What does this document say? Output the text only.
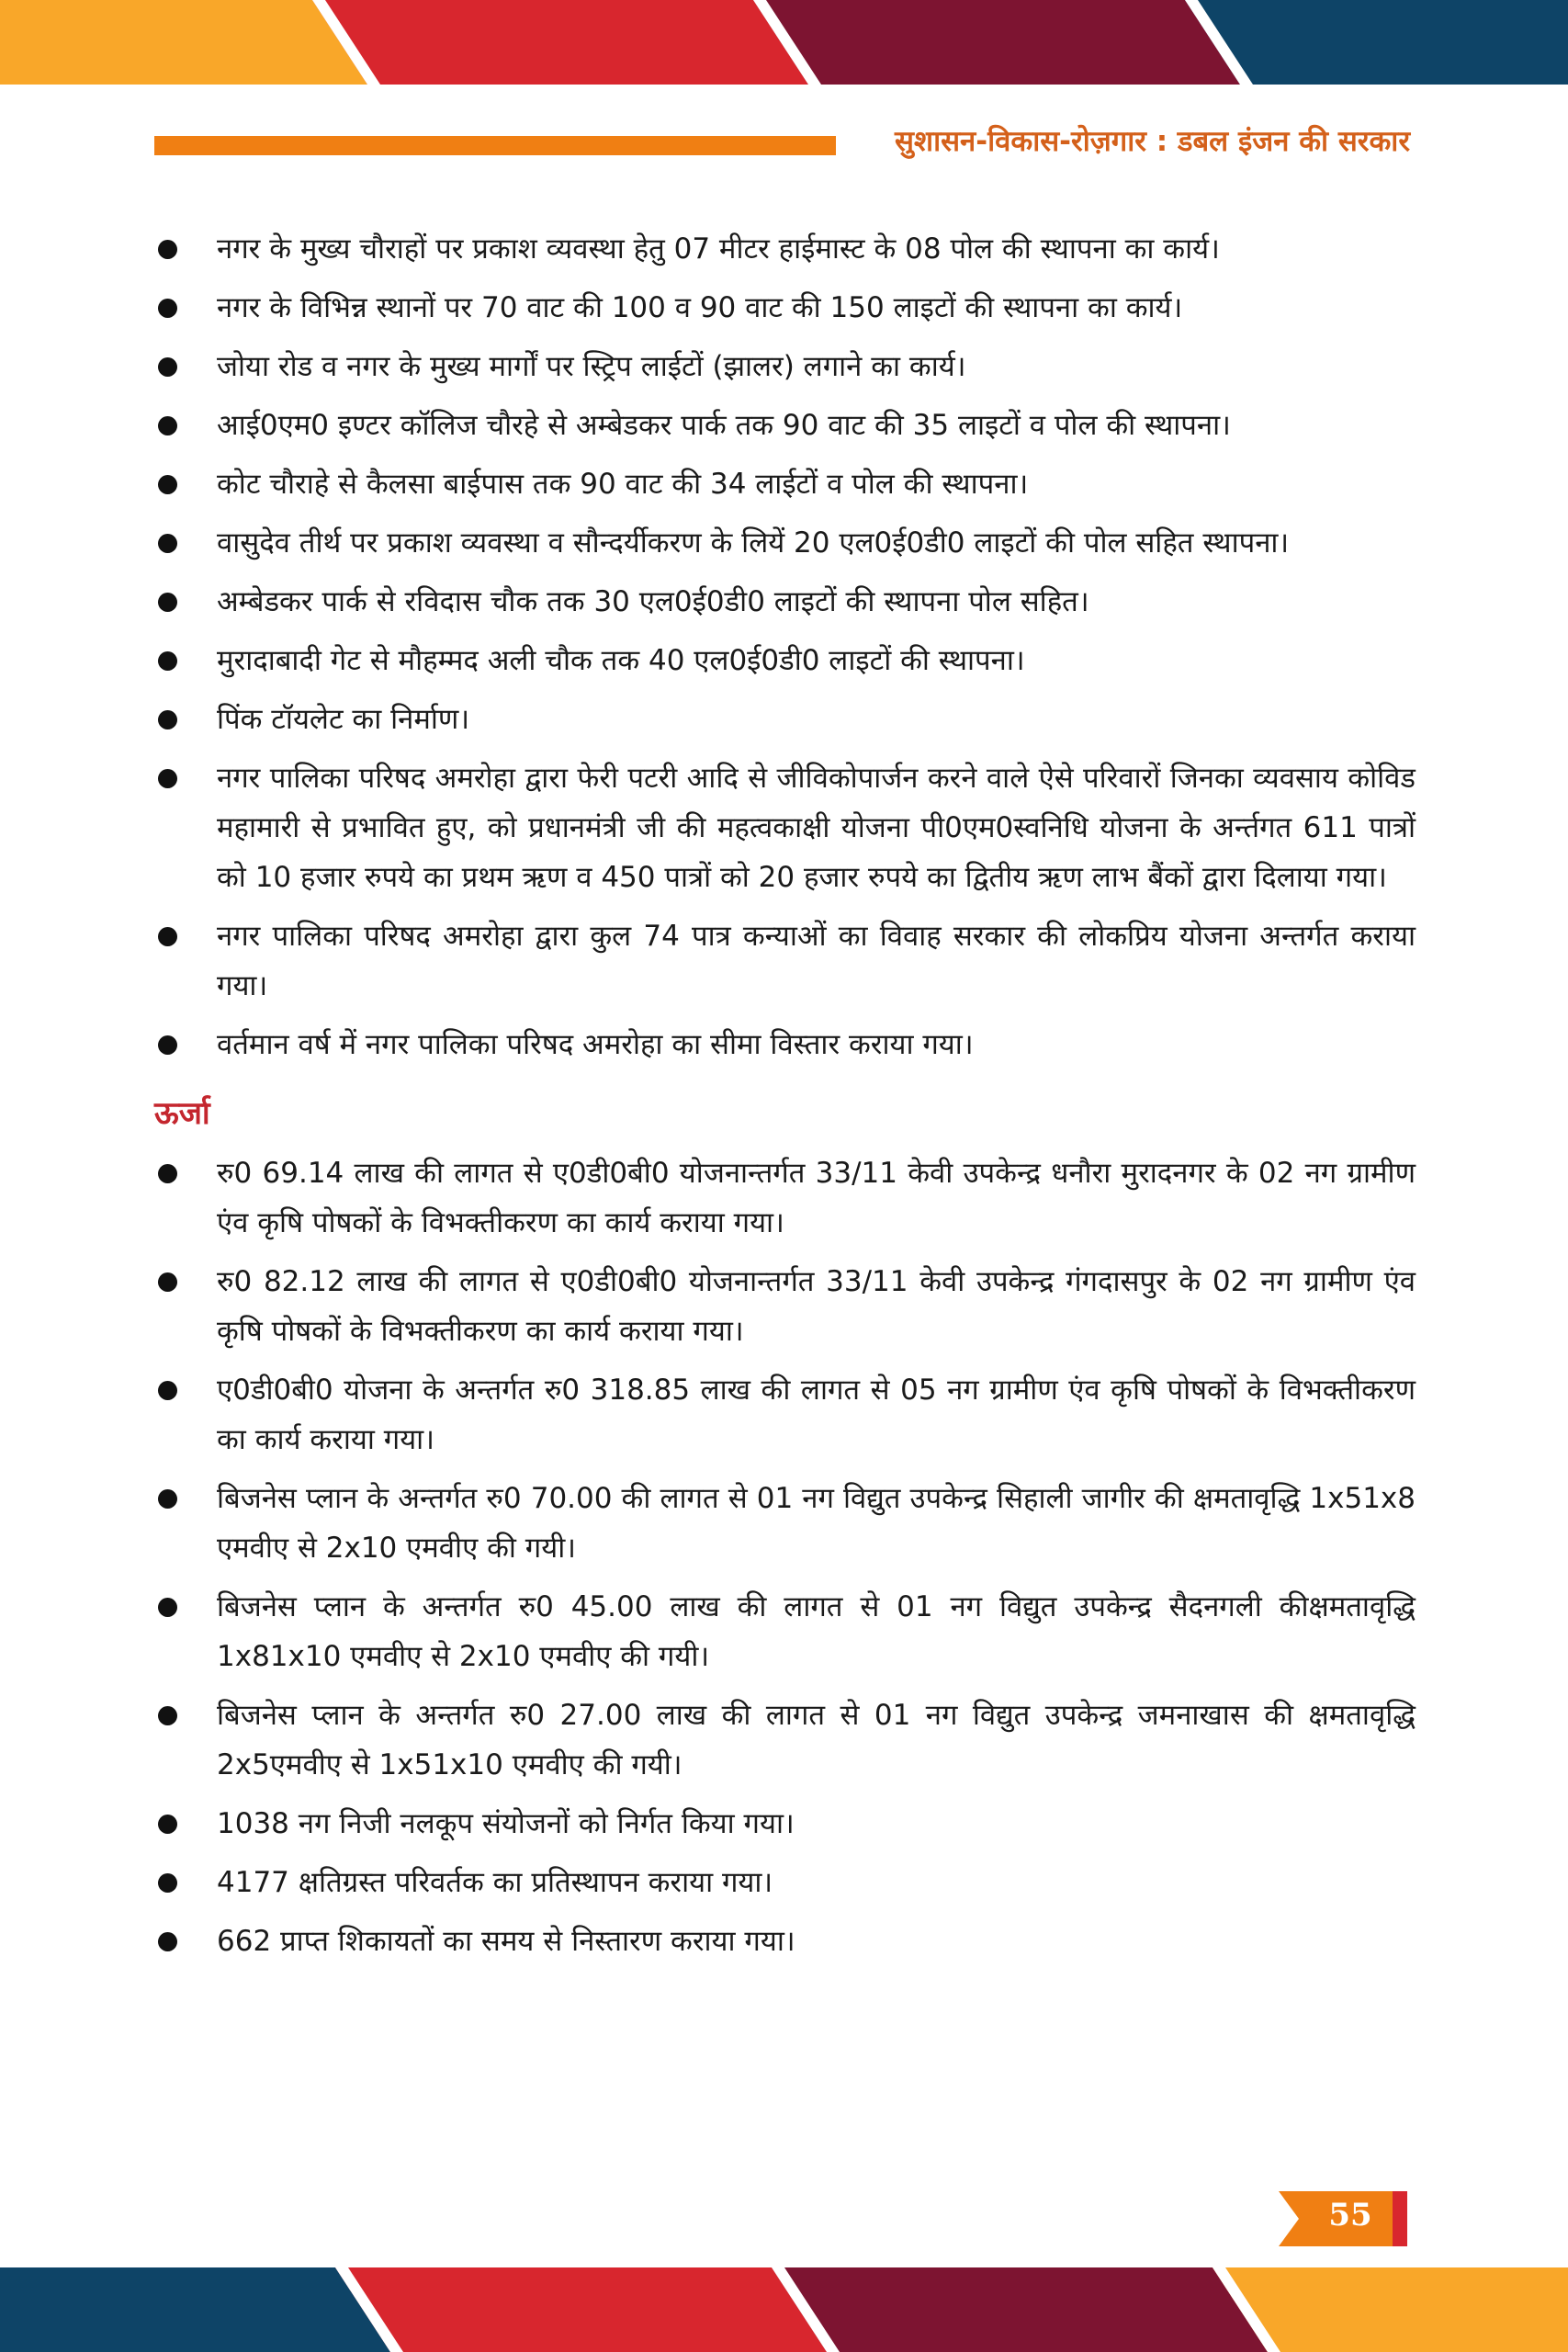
सुशासन-विकास-रोज़गार : डबल इंजन की सरकार
नगर के मुख्य चौराहों पर प्रकाश व्यवस्था हेतु 07 मीटर हाईमास्ट के 08 पोल की स्थापना का कार्य।
नगर के विभिन्न स्थानों पर 70 वाट की 100 व 90 वाट की 150 लाइटों की स्थापना का कार्य।
जोया रोड व नगर के मुख्य मार्गों पर स्ट्रिप लाईटों (झालर) लगाने का कार्य।
आई0एम0 इण्टर कॉलिज चौरहे से अम्बेडकर पार्क तक 90 वाट की 35 लाइटों व पोल की स्थापना।
कोट चौराहे से कैलसा बाईपास तक 90 वाट की 34 लाईटों व पोल की स्थापना।
वासुदेव तीर्थ पर प्रकाश व्यवस्था व सौन्दर्यीकरण के लियें 20 एल0ई0डी0 लाइटों की पोल सहित स्थापना।
अम्बेडकर पार्क से रविदास चौक तक 30 एल0ई0डी0 लाइटों की स्थापना पोल सहित।
मुरादाबादी गेट से मौहम्मद अली चौक तक 40 एल0ई0डी0 लाइटों की स्थापना।
पिंक टॉयलेट का निर्माण।
नगर पालिका परिषद अमरोहा द्वारा फेरी पटरी आदि से जीविकोपार्जन करने वाले ऐसे परिवारों जिनका व्यवसाय कोविड महामारी से प्रभावित हुए, को प्रधानमंत्री जी की महत्वकाक्षी योजना पी0एम0स्वनिधि योजना के अर्न्तगत 611 पात्रों को 10 हजार रुपये का प्रथम ऋण व 450 पात्रों को 20 हजार रुपये का द्वितीय ऋण लाभ बैंकों द्वारा दिलाया गया।
नगर पालिका परिषद अमरोहा द्वारा कुल 74 पात्र कन्याओं का विवाह सरकार की लोकप्रिय योजना अन्तर्गत कराया गया।
वर्तमान वर्ष में नगर पालिका परिषद अमरोहा का सीमा विस्तार कराया गया।
ऊर्जा
रु0 69.14 लाख की लागत से ए0डी0बी0 योजनान्तर्गत 33/11 केवी उपकेन्द्र धनौरा मुरादनगर के 02 नग ग्रामीण एंव कृषि पोषकों के विभक्तीकरण का कार्य कराया गया।
रु0 82.12 लाख की लागत से ए0डी0बी0 योजनान्तर्गत 33/11 केवी उपकेन्द्र गंगदासपुर के 02 नग ग्रामीण एंव कृषि पोषकों के विभक्तीकरण का कार्य कराया गया।
ए0डी0बी0 योजना के अन्तर्गत रु0 318.85 लाख की लागत से 05 नग ग्रामीण एंव कृषि पोषकों के विभक्तीकरण का कार्य कराया गया।
बिजनेस प्लान के अन्तर्गत रु0 70.00 की लागत से 01 नग विद्युत उपकेन्द्र सिहाली जागीर की क्षमतावृद्धि 1x51x8 एमवीए से 2x10 एमवीए की गयी।
बिजनेस प्लान के अन्तर्गत रु0 45.00 लाख की लागत से 01 नग विद्युत उपकेन्द्र सैदनगली कीक्षमतावृद्धि 1x81x10 एमवीए से 2x10 एमवीए की गयी।
बिजनेस प्लान के अन्तर्गत रु0 27.00 लाख की लागत से 01 नग विद्युत उपकेन्द्र जमनाखास की क्षमतावृद्धि 2x5एमवीए से 1x51x10 एमवीए की गयी।
1038 नग निजी नलकूप संयोजनों को निर्गत किया गया।
4177 क्षतिग्रस्त परिवर्तक का प्रतिस्थापन कराया गया।
662 प्राप्त शिकायतों का समय से निस्तारण कराया गया।
55
